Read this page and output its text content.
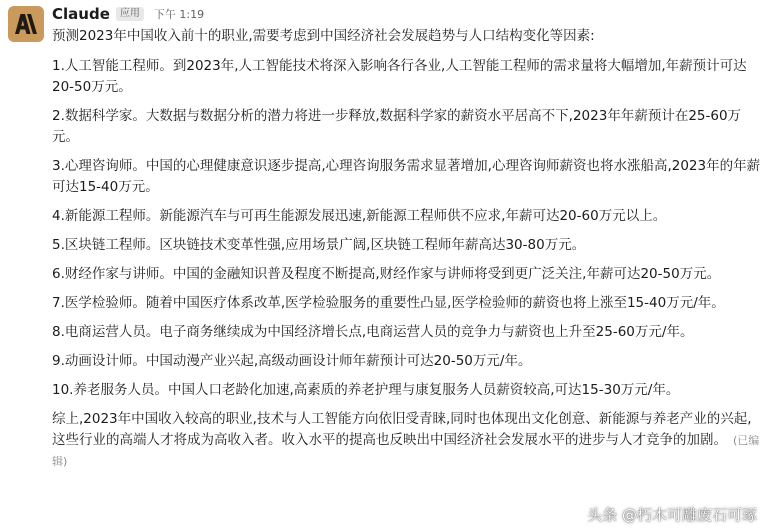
Claude	应用	下午 1:19

预测2023年中国收入前十的职业,需要考虑到中国经济社会发展趋势与人口结构变化等因素:

1.人工智能工程师。到2023年,人工智能技术将深入影响各行各业,人工智能工程师的需求量将大幅增加,年薪预计可达20-50万元。

2.数据科学家。大数据与数据分析的潜力将进一步释放,数据科学家的薪资水平居高不下,2023年年薪预计在25-60万元。

3.心理咨询师。中国的心理健康意识逐步提高,心理咨询服务需求显著增加,心理咨询师薪资也将水涨船高,2023年的年薪可达15-40万元。

4.新能源工程师。新能源汽车与可再生能源发展迅速,新能源工程师供不应求,年薪可达20-60万元以上。

5.区块链工程师。区块链技术变革性强,应用场景广阔,区块链工程师年薪高达30-80万元。

6.财经作家与讲师。中国的金融知识普及程度不断提高,财经作家与讲师将受到更广泛关注,年薪可达20-50万元。

7.医学检验师。随着中国医疗体系改革,医学检验服务的重要性凸显,医学检验师的薪资也将上涨至15-40万元/年。

8.电商运营人员。电子商务继续成为中国经济增长点,电商运营人员的竞争力与薪资也上升至25-60万元/年。

9.动画设计师。中国动漫产业兴起,高级动画设计师年薪预计可达20-50万元/年。

10.养老服务人员。中国人口老龄化加速,高素质的养老护理与康复服务人员薪资较高,可达15-30万元/年。

综上,2023年中国收入较高的职业,技术与人工智能方向依旧受青睐,同时也体现出文化创意、新能源与养老产业的兴起,这些行业的高端人才将成为高收入者。收入水平的提高也反映出中国经济社会发展水平的进步与人才竞争的加剧。 (已编辑)

头条 @朽木可雕废石可琢
